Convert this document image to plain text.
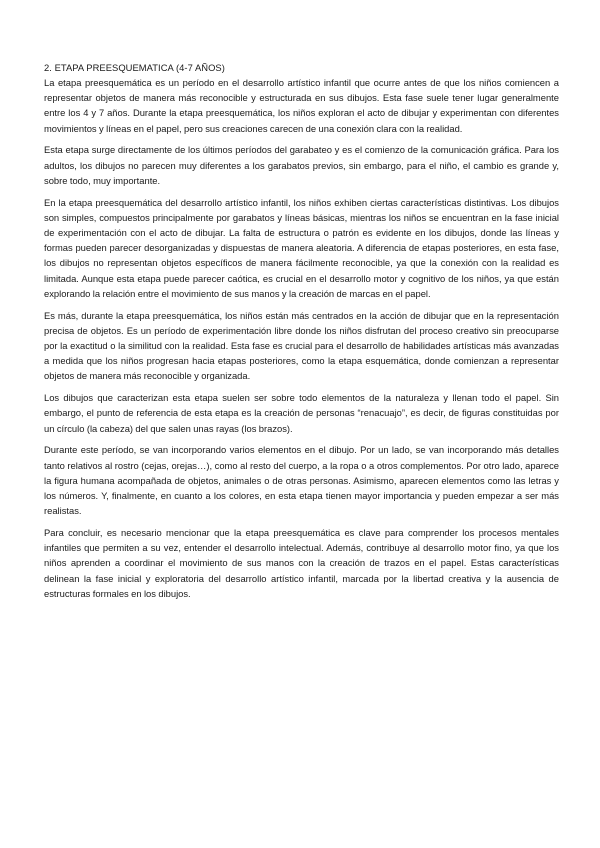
2. ETAPA PREESQUEMATICA (4-7 AÑOS)

La etapa preesquemática es un período en el desarrollo artístico infantil que ocurre antes de que los niños comiencen a representar objetos de manera más reconocible y estructurada en sus dibujos. Esta fase suele tener lugar generalmente entre los 4 y 7 años. Durante la etapa preesquemática, los niños exploran el acto de dibujar y experimentan con diferentes movimientos y líneas en el papel, pero sus creaciones carecen de una conexión clara con la realidad.

Esta etapa surge directamente de los últimos períodos del garabateo y es el comienzo de la comunicación gráfica. Para los adultos, los dibujos no parecen muy diferentes a los garabatos previos, sin embargo, para el niño, el cambio es grande y, sobre todo, muy importante.

En la etapa preesquemática del desarrollo artístico infantil, los niños exhiben ciertas características distintivas. Los dibujos son simples, compuestos principalmente por garabatos y líneas básicas, mientras los niños se encuentran en la fase inicial de experimentación con el acto de dibujar. La falta de estructura o patrón es evidente en los dibujos, donde las líneas y formas pueden parecer desorganizadas y dispuestas de manera aleatoria. A diferencia de etapas posteriores, en esta fase, los dibujos no representan objetos específicos de manera fácilmente reconocible, ya que la conexión con la realidad es limitada. Aunque esta etapa puede parecer caótica, es crucial en el desarrollo motor y cognitivo de los niños, ya que están explorando la relación entre el movimiento de sus manos y la creación de marcas en el papel.

Es más, durante la etapa preesquemática, los niños están más centrados en la acción de dibujar que en la representación precisa de objetos. Es un período de experimentación libre donde los niños disfrutan del proceso creativo sin preocuparse por la exactitud o la similitud con la realidad. Esta fase es crucial para el desarrollo de habilidades artísticas más avanzadas a medida que los niños progresan hacia etapas posteriores, como la etapa esquemática, donde comienzan a representar objetos de manera más reconocible y organizada.

Los dibujos que caracterizan esta etapa suelen ser sobre todo elementos de la naturaleza y llenan todo el papel. Sin embargo, el punto de referencia de esta etapa es la creación de personas “renacuajo”, es decir, de figuras constituidas por un círculo (la cabeza) del que salen unas rayas (los brazos).

Durante este período, se van incorporando varios elementos en el dibujo. Por un lado, se van incorporando más detalles tanto relativos al rostro (cejas, orejas…), como al resto del cuerpo, a la ropa o a otros complementos. Por otro lado, aparece la figura humana acompañada de objetos, animales o de otras personas. Asimismo, aparecen elementos como las letras y los números. Y, finalmente, en cuanto a los colores, en esta etapa tienen mayor importancia y pueden empezar a ser más realistas.

Para concluir, es necesario mencionar que la etapa preesquemática es clave para comprender los procesos mentales infantiles que permiten a su vez, entender el desarrollo intelectual. Además, contribuye al desarrollo motor fino, ya que los niños aprenden a coordinar el movimiento de sus manos con la creación de trazos en el papel. Estas características delinean la fase inicial y exploratoria del desarrollo artístico infantil, marcada por la libertad creativa y la ausencia de estructuras formales en los dibujos.
